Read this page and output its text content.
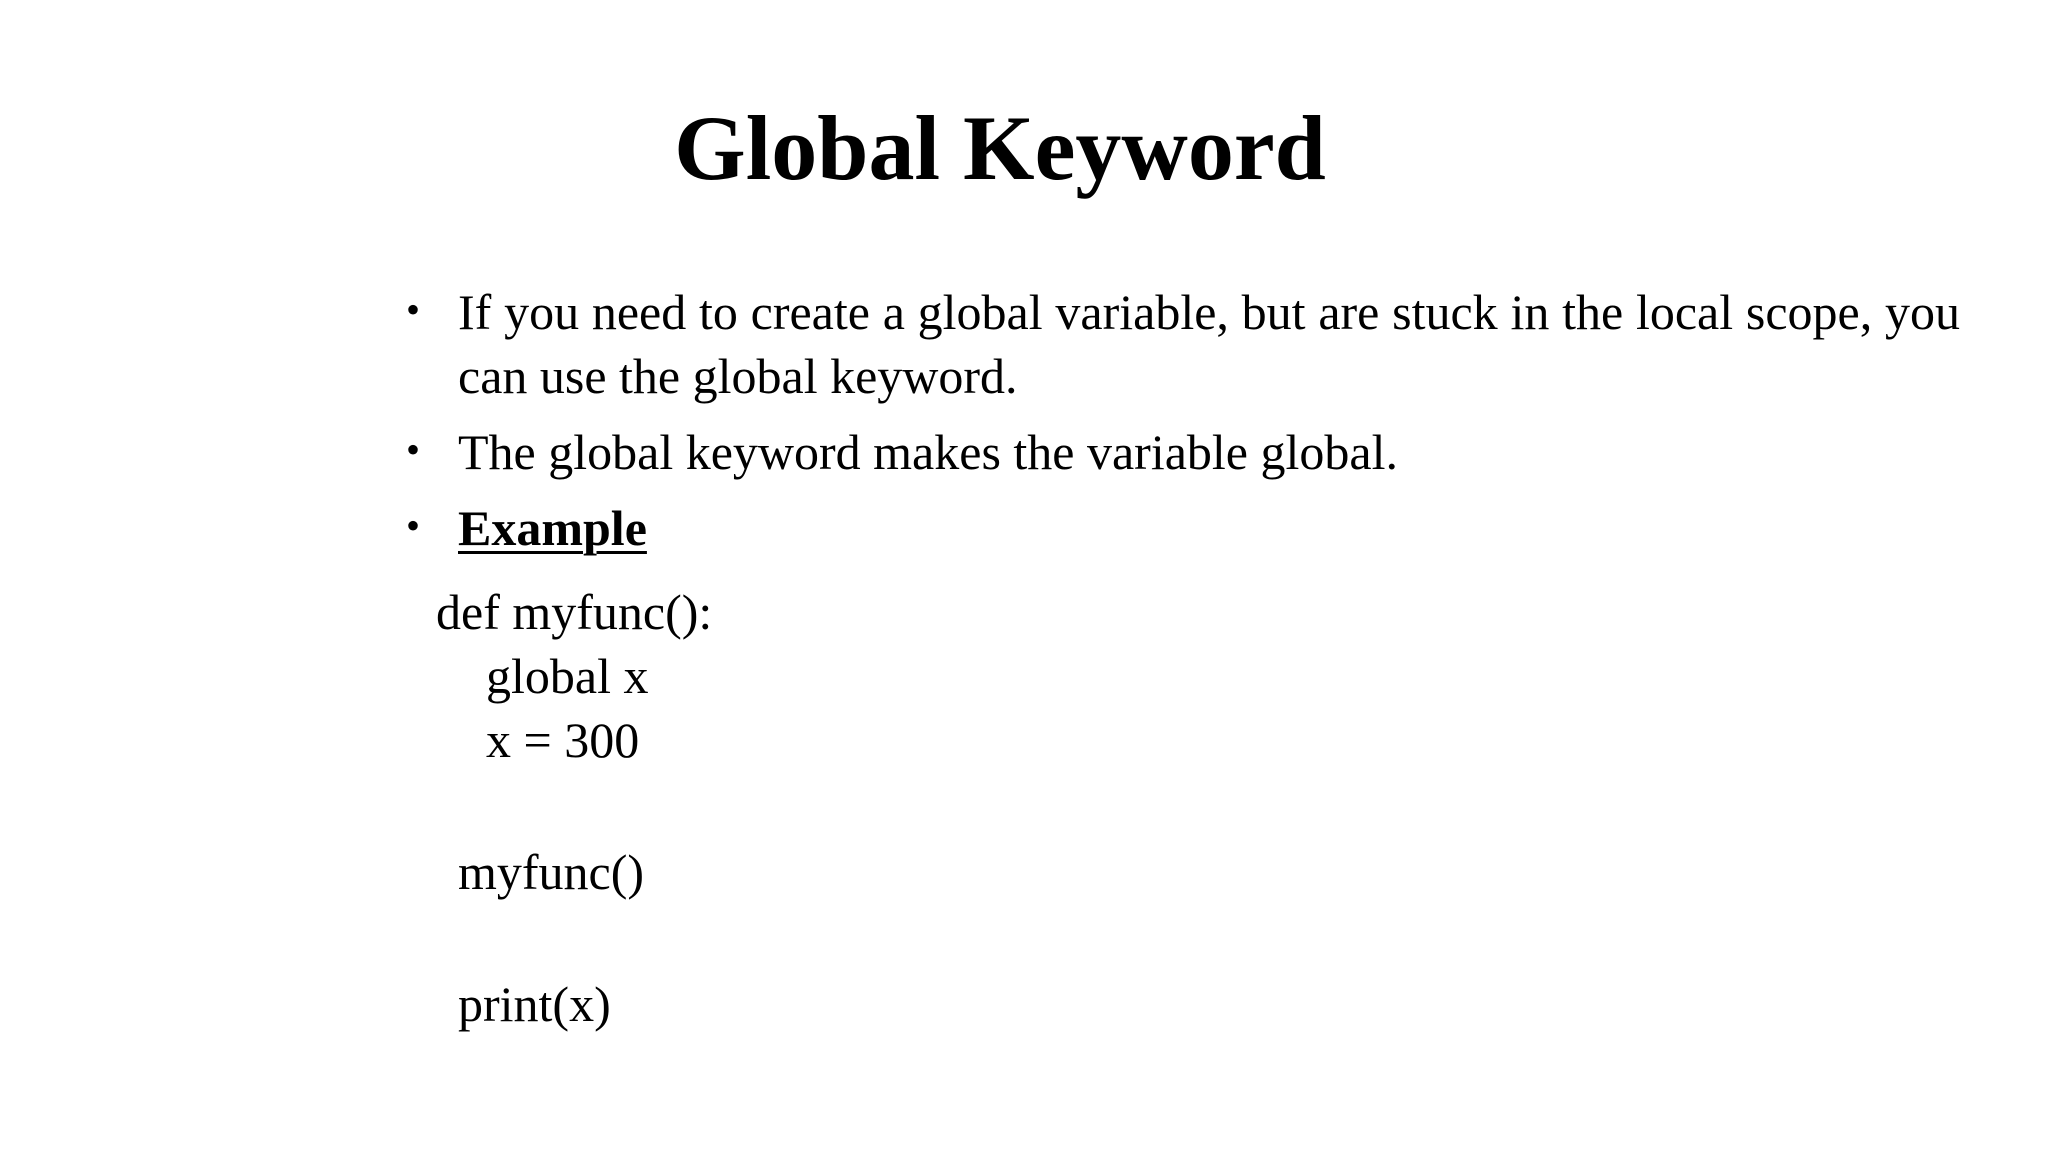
Global Keyword
• If you need to create a global variable, but are stuck in the local scope, you can use the global keyword.
• The global keyword makes the variable global.
• Example
def myfunc():
global x
x = 300
myfunc()
print(x)
